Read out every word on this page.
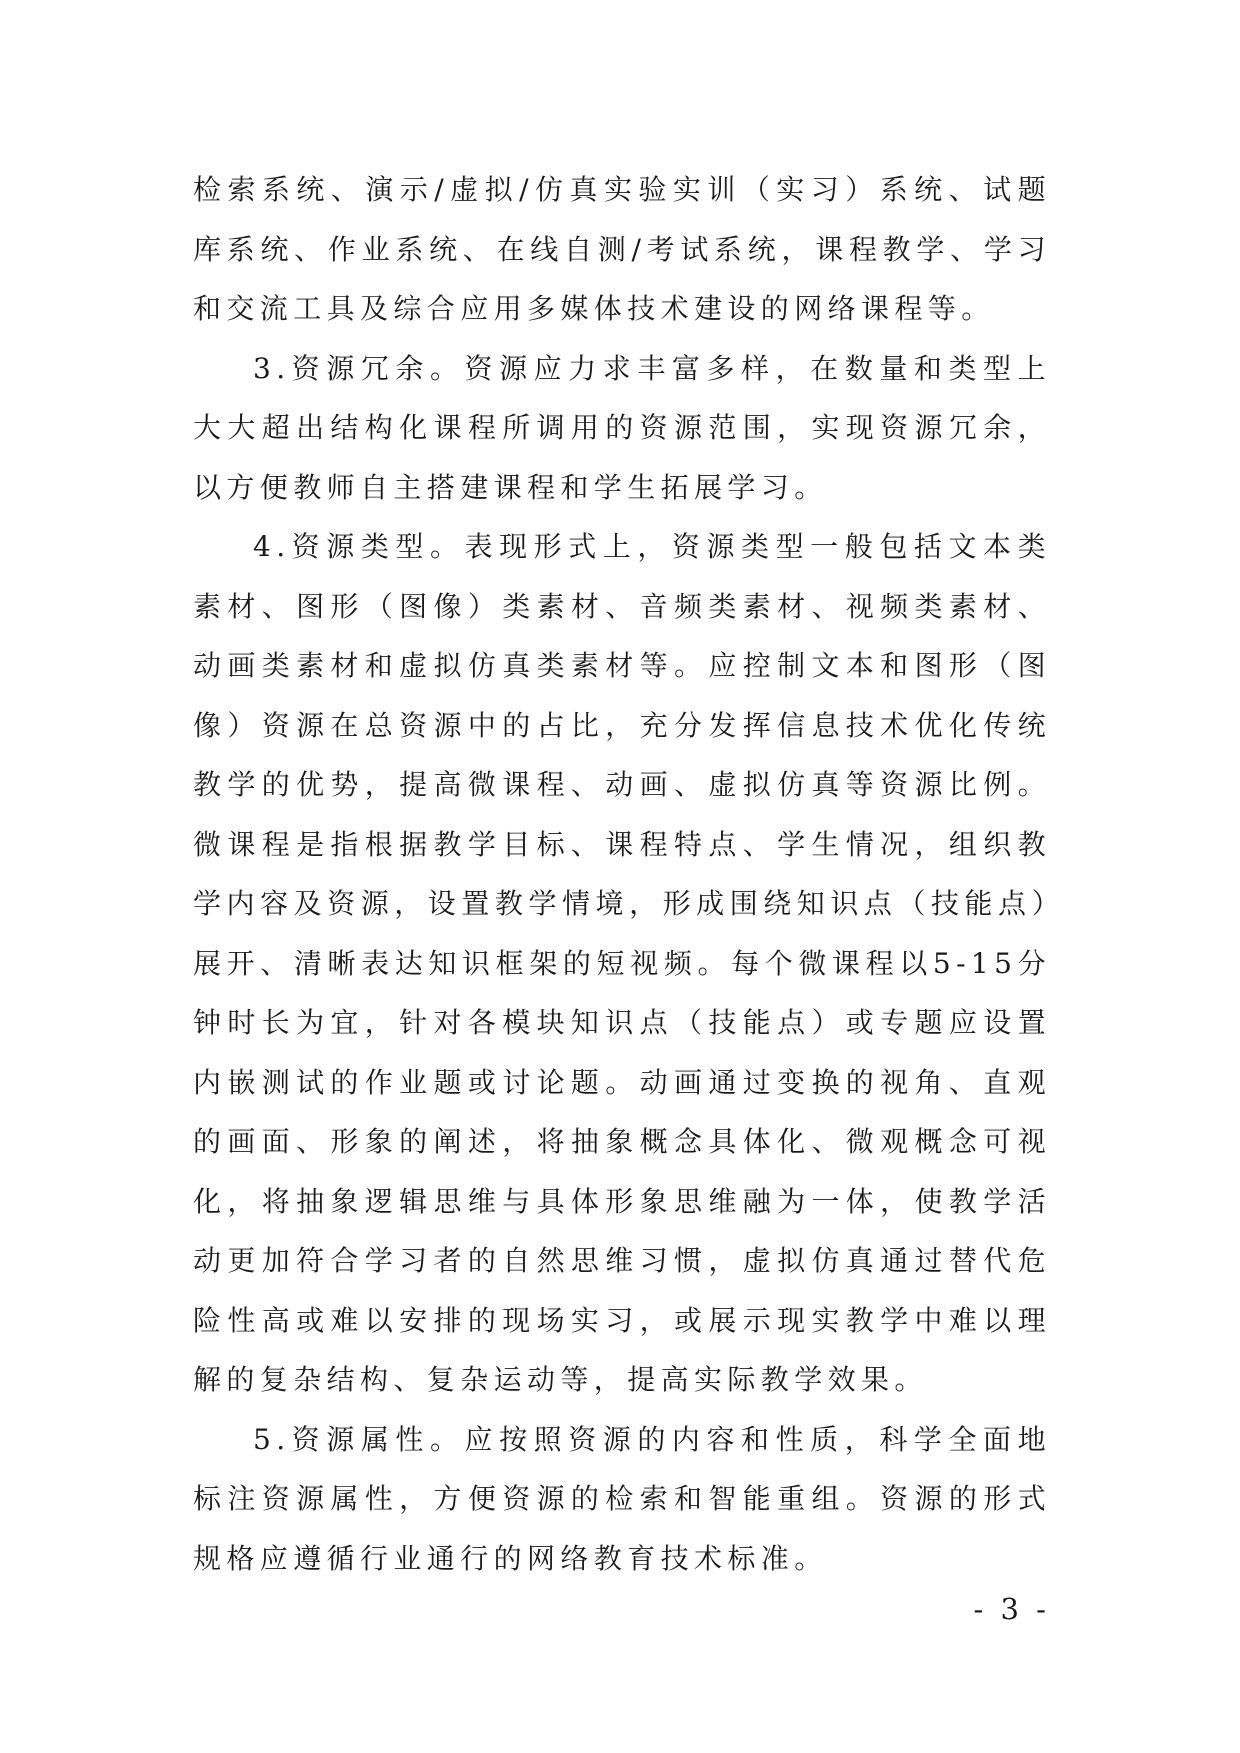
检索系统、演示/虚拟/仿真实验实训（实习）系统、试题库系统、作业系统、在线自测/考试系统，课程教学、学习和交流工具及综合应用多媒体技术建设的网络课程等。

3.资源冗余。资源应力求丰富多样，在数量和类型上大大超出结构化课程所调用的资源范围，实现资源冗余，以方便教师自主搭建课程和学生拓展学习。

4.资源类型。表现形式上，资源类型一般包括文本类素材、图形（图像）类素材、音频类素材、视频类素材、动画类素材和虚拟仿真类素材等。应控制文本和图形（图像）资源在总资源中的占比，充分发挥信息技术优化传统教学的优势，提高微课程、动画、虚拟仿真等资源比例。微课程是指根据教学目标、课程特点、学生情况，组织教学内容及资源，设置教学情境，形成围绕知识点（技能点）展开、清晰表达知识框架的短视频。每个微课程以5-15分钟时长为宜，针对各模块知识点（技能点）或专题应设置内嵌测试的作业题或讨论题。动画通过变换的视角、直观的画面、形象的阐述，将抽象概念具体化、微观概念可视化，将抽象逻辑思维与具体形象思维融为一体，使教学活动更加符合学习者的自然思维习惯，虚拟仿真通过替代危险性高或难以安排的现场实习，或展示现实教学中难以理解的复杂结构、复杂运动等，提高实际教学效果。

5.资源属性。应按照资源的内容和性质，科学全面地标注资源属性，方便资源的检索和智能重组。资源的形式规格应遵循行业通行的网络教育技术标准。

- 3 -
